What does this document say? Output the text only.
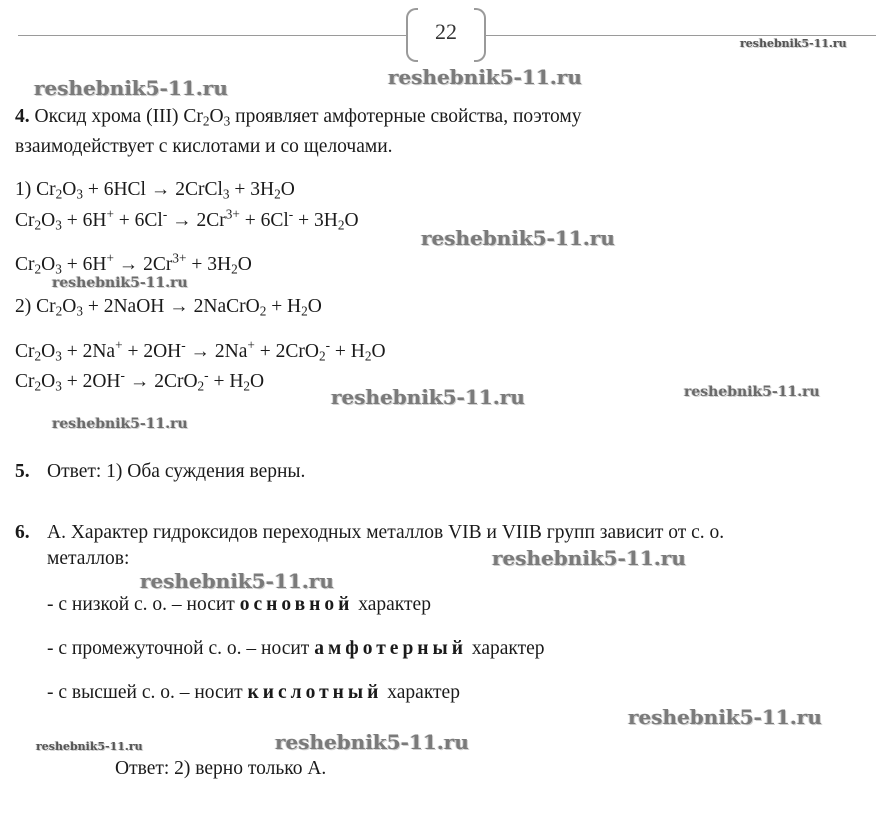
22
4. Оксид хрома (III) $Cr_2O_3$ проявляет амфотерные свойства, поэтому
взаимодействует с кислотами и со щелочами.
1) $Cr_2O_3 + 6HCl$ → 2CrCl$_3$ + $3H_2O$
$Cr_2O_3 + 6H^+ + 6Cl^- \to 2Cr^{3+} + 6Cl^- + 3H_2O$
$Cr_2O_3 + 6H^+ \to 2Cr^{3+} + 3H_2O$
2) $Cr_2O_3$ + 2NaOH → 2NaCrO$_2$ + $H_2O$
$Cr_2O_3 + 2Na^+ + 2OH^- \to 2Na^+ + 2CrO_2^- + H_2O$
$Cr_2O_3 + 2OH^- \to 2CrO_2^- + H_2O$
5. Ответ: 1) Оба суждения верны.
6. А. Характер гидроксидов переходных металлов VIB и VIIB групп зависит от с. о.
металлов:
- с низкой с. о. – носит основной характер
- с промежуточной с. о. – носит амфотерный характер
- с высшей с. о. – носит кислотный характер
Ответ: 2) верно только А.
reshebnik5-11.ru
reshebnik5-11.ru	reshebnik5-11.ru
reshebnik5-11.ru
reshebnik5-11.ru
reshebnik5-11.ru	reshebnik5-11.ru
reshebnik5-11.ru
reshebnik5-11.ru
reshebnik5-11.ru
reshebnik5-11.ru
reshebnik5-11.ru	reshebnik5-11.ru
